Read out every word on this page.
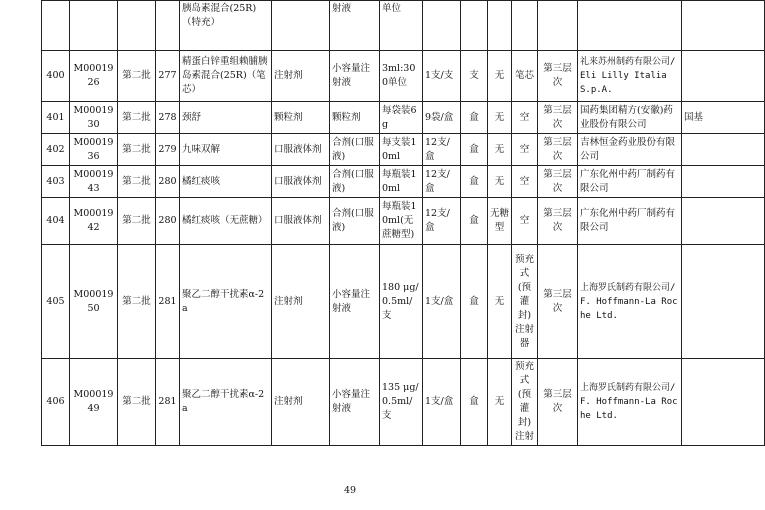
				胰岛素混合(25R)（特充）		射液	单位							
400	M0001926	第二批	277	精蛋白锌重组赖脯胰岛素混合(25R)（笔芯）	注射剂	小容量注射液	3ml:300单位	1支/支	支	无	笔芯	第三层次	礼来苏州制药有限公司/Eli Lilly Italia S.p.A.	
401	M0001930	第二批	278	颈舒	颗粒剂	颗粒剂	每袋装6g	9袋/盒	盒	无	空	第三层次	国药集团精方(安徽)药业股份有限公司	国基
402	M0001936	第二批	279	九味双解	口服液体剂	合剂(口服液)	每支装10ml	12支/盒	盒	无	空	第三层次	吉林恒金药业股份有限公司	
403	M0001943	第二批	280	橘红痰咳	口服液体剂	合剂(口服液)	每瓶装10ml	12支/盒	盒	无	空	第三层次	广东化州中药厂制药有限公司	
404	M0001942	第二批	280	橘红痰咳（无蔗糖）	口服液体剂	合剂(口服液)	每瓶装10ml(无蔗糖型)	12支/盒	盒	无糖型	空	第三层次	广东化州中药厂制药有限公司	
405	M0001950	第二批	281	聚乙二醇干扰素α-2a	注射剂	小容量注射液	180 μg/0.5ml/支	1支/盒	盒	无	预充式(预灌封)注射器	第三层次	上海罗氏制药有限公司/F. Hoffmann-La Roche Ltd.	
406	M0001949	第二批	281	聚乙二醇干扰素α-2a	注射剂	小容量注射液	135 μg/0.5ml/支	1支/盒	盒	无	预充式(预灌封)注射	第三层次	上海罗氏制药有限公司/F. Hoffmann-La Roche Ltd.	
49
